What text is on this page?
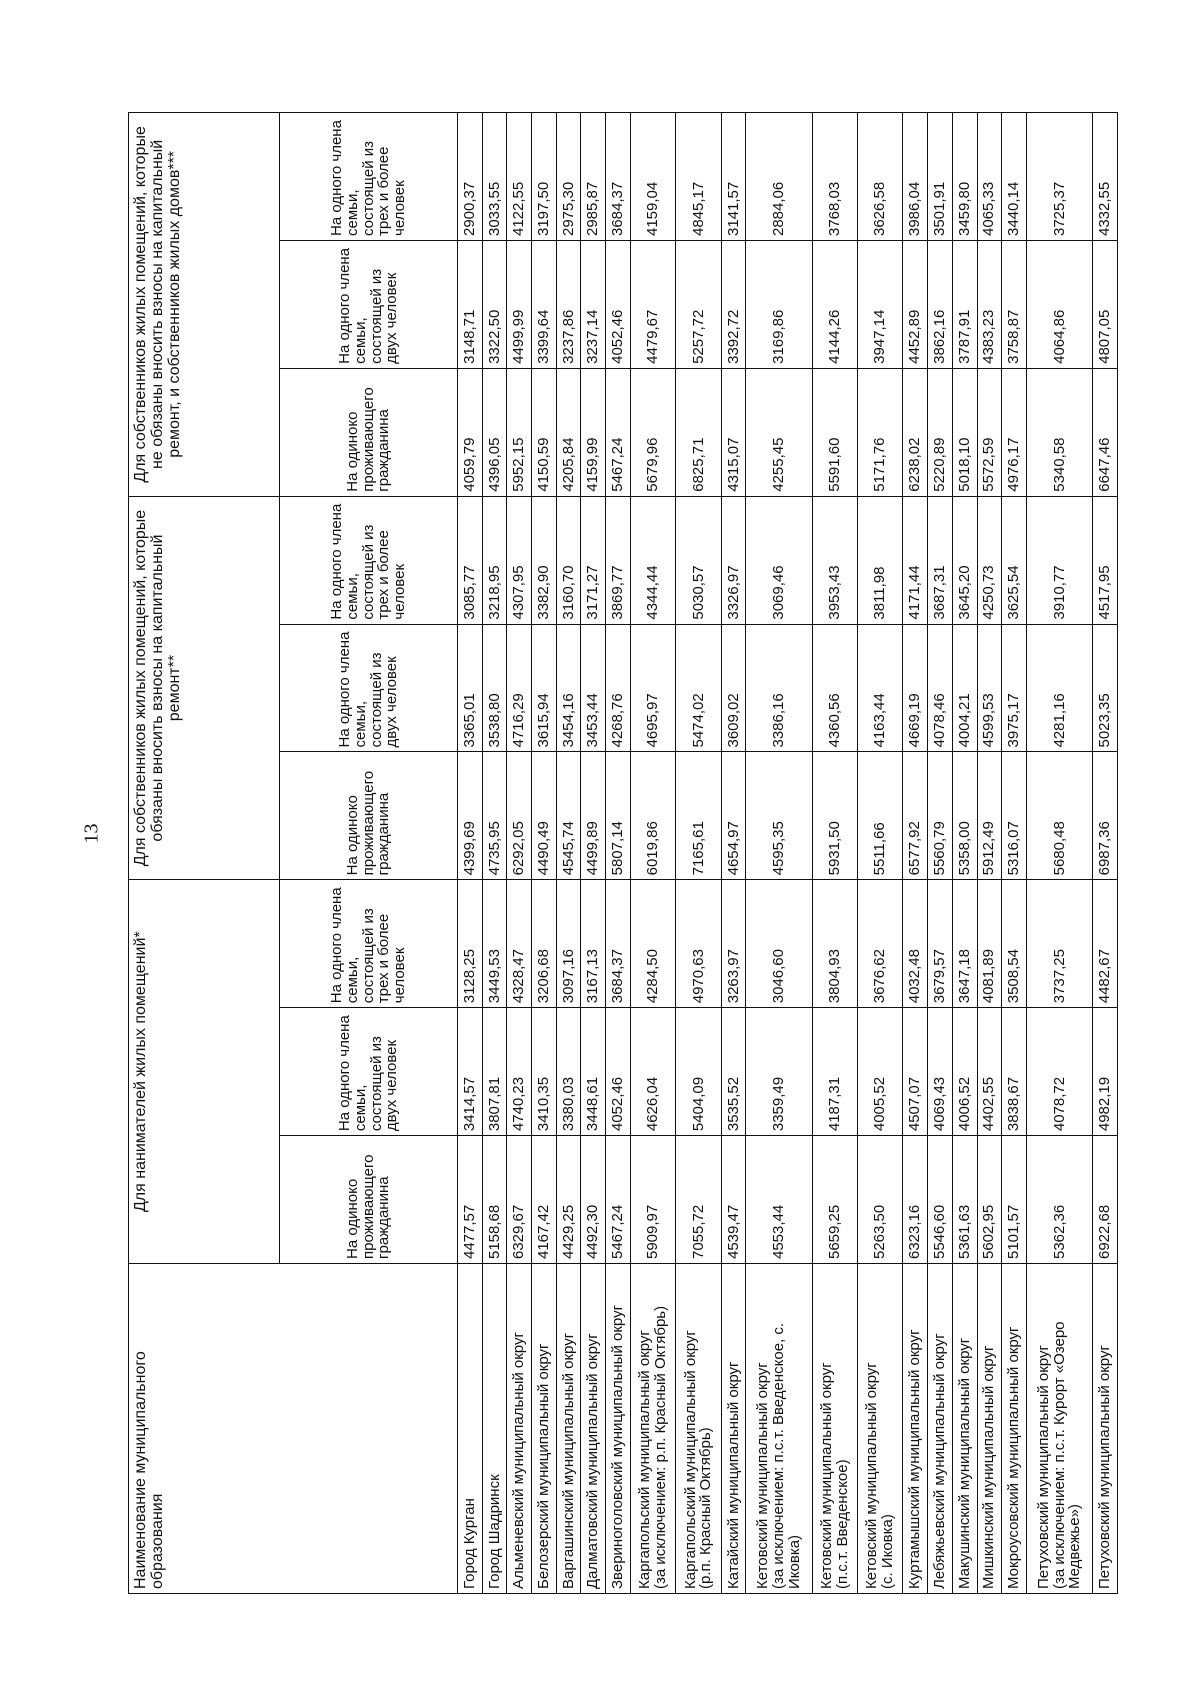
13
Наименование муниципального образования	Для нанимателей жилых помещений*			Для собственников жилых помещений, которые обязаны вносить взносы на капитальный ремонт**			Для собственников жилых помещений, которые не обязаны вносить взносы на капитальный ремонт, и собственников жилых домов***		
	На одиноко проживающего гражданина	На одного члена семьи, состоящей из двух человек	На одного члена семьи, состоящей из трех и более человек	На одиноко проживающего гражданина	На одного члена семьи, состоящей из двух человек	На одного члена семьи, состоящей из трех и более человек	На одиноко проживающего гражданина	На одного члена семьи, состоящей из двух человек	На одного члена семьи, состоящей из трех и более человек
Город Курган	4477,57	3414,57	3128,25	4399,69	3365,01	3085,77	4059,79	3148,71	2900,37
Город Шадринск	5158,68	3807,81	3449,53	4735,95	3538,80	3218,95	4396,05	3322,50	3033,55
Альменевский муниципальный округ	6329,67	4740,23	4328,47	6292,05	4716,29	4307,95	5952,15	4499,99	4122,55
Белозерский муниципальный округ	4167,42	3410,35	3206,68	4490,49	3615,94	3382,90	4150,59	3399,64	3197,50
Варгашинский муниципальный округ	4429,25	3380,03	3097,16	4545,74	3454,16	3160,70	4205,84	3237,86	2975,30
Далматовский муниципальный округ	4492,30	3448,61	3167,13	4499,89	3453,44	3171,27	4159,99	3237,14	2985,87
Звериноголовский муниципальный округ	5467,24	4052,46	3684,37	5807,14	4268,76	3869,77	5467,24	4052,46	3684,37
Каргапольский муниципальный округ
(за исключением: р.п. Красный Октябрь)	5909,97	4626,04	4284,50	6019,86	4695,97	4344,44	5679,96	4479,67	4159,04
Каргапольский муниципальный округ
(р.п. Красный Октябрь)	7055,72	5404,09	4970,63	7165,61	5474,02	5030,57	6825,71	5257,72	4845,17
Катайский муниципальный округ	4539,47	3535,52	3263,97	4654,97	3609,02	3326,97	4315,07	3392,72	3141,57
Кетовский муниципальный округ
(за исключением: п.с.т. Введенское, с. Иковка)	4553,44	3359,49	3046,60	4595,35	3386,16	3069,46	4255,45	3169,86	2884,06
Кетовский муниципальный округ
(п.с.т. Введенское)	5659,25	4187,31	3804,93	5931,50	4360,56	3953,43	5591,60	4144,26	3768,03
Кетовский муниципальный округ
(с. Иковка)	5263,50	4005,52	3676,62	5511,66	4163,44	3811,98	5171,76	3947,14	3626,58
Куртамышский муниципальный округ	6323,16	4507,07	4032,48	6577,92	4669,19	4171,44	6238,02	4452,89	3986,04
Лебяжьевский муниципальный округ	5546,60	4069,43	3679,57	5560,79	4078,46	3687,31	5220,89	3862,16	3501,91
Макушинский муниципальный округ	5361,63	4006,52	3647,18	5358,00	4004,21	3645,20	5018,10	3787,91	3459,80
Мишкинский муниципальный округ	5602,95	4402,55	4081,89	5912,49	4599,53	4250,73	5572,59	4383,23	4065,33
Мокроусовский муниципальный округ	5101,57	3838,67	3508,54	5316,07	3975,17	3625,54	4976,17	3758,87	3440,14
Петуховский муниципальный округ
(за исключением: п.с.т. Курорт «Озеро Медвежье»)	5362,36	4078,72	3737,25	5680,48	4281,16	3910,77	5340,58	4064,86	3725,37
Петуховский муниципальный округ	6922,68	4982,19	4482,67	6987,36	5023,35	4517,95	6647,46	4807,05	4332,55
